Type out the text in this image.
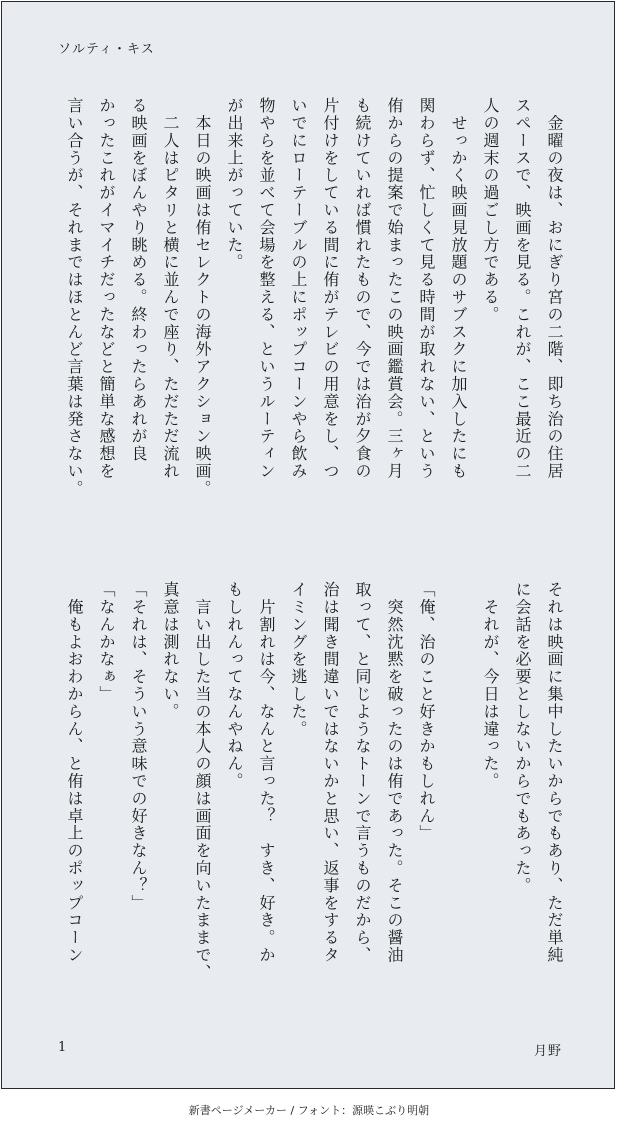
ソルティ・キス

　金曜の夜は、おにぎり宮の二階、即ち治の住居

スペースで、映画を見る。これが、ここ最近の二

人の週末の過ごし方である。

　せっかく映画見放題のサブスクに加入したにも

関わらず、忙しくて見る時間が取れない、という

侑からの提案で始まったこの映画鑑賞会。三ヶ月

も続けていれば慣れたもので、今では治が夕食の

片付けをしている間に侑がテレビの用意をし、つ

いでにローテーブルの上にポップコーンやら飲み

物やらを並べて会場を整える、というルーティン

が出来上がっていた。

　本日の映画は侑セレクトの海外アクション映画。

　二人はピタリと横に並んで座り、ただただ流れ

る映画をぼんやり眺める。終わったらあれが良

かったこれがイマイチだったなどと簡単な感想を

言い合うが、それまではほとんど言葉は発さない。

それは映画に集中したいからでもあり、ただ単純

に会話を必要としないからでもあった。

　それが、今日は違った。

「俺、治のこと好きかもしれん」

　突然沈黙を破ったのは侑であった。そこの醤油

取って、と同じようなトーンで言うものだから、

治は聞き間違いではないかと思い、返事をするタ

イミングを逃した。

　片割れは今、なんと言った？　すき、好き。か

もしれんってなんやねん。

　言い出した当の本人の顔は画面を向いたままで、

真意は測れない。

「それは、そういう意味での好きなん？」

「なんかなぁ」

　俺もよおわからん、と侑は卓上のポップコーン

1	月野
新書ページメーカー / フォント：源暎こぶり明朝
